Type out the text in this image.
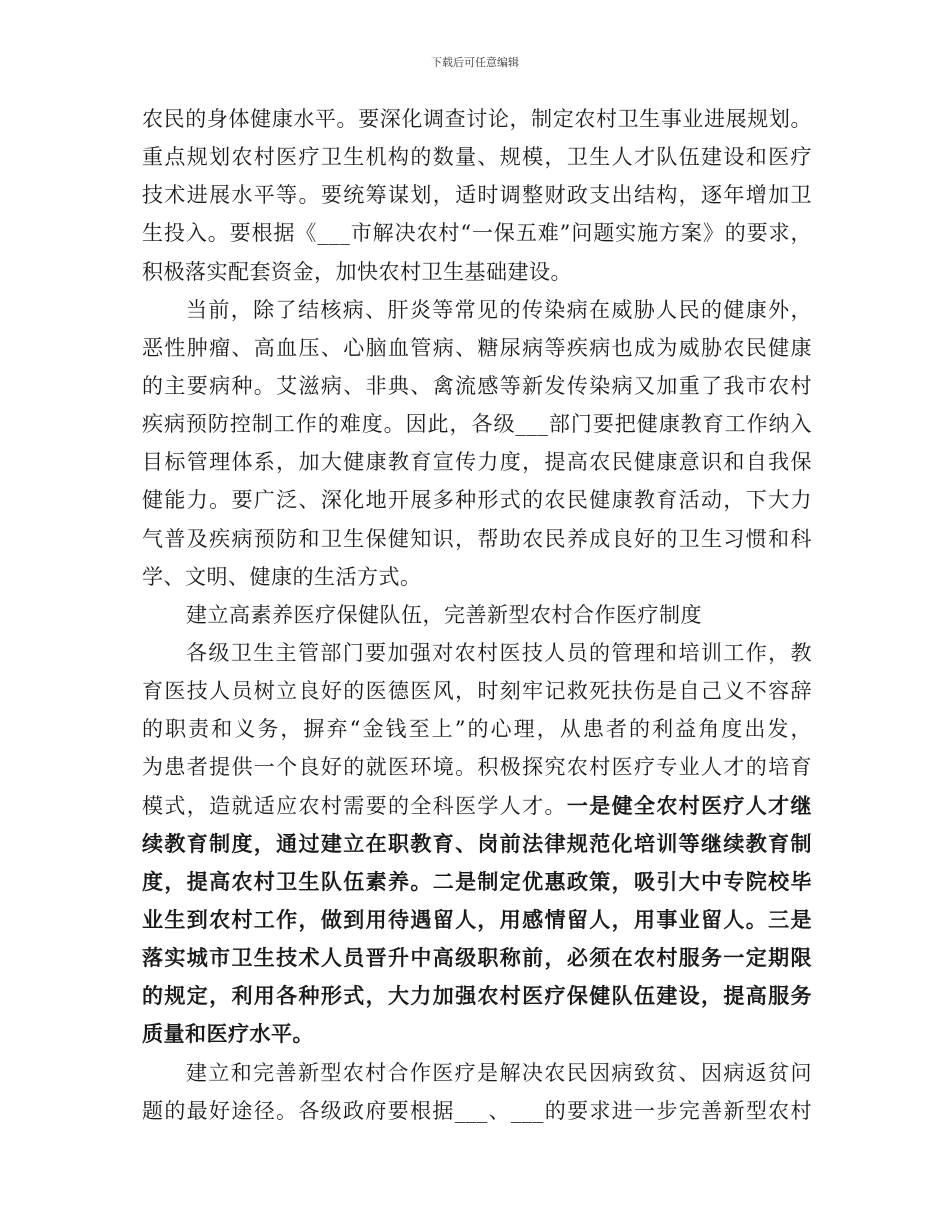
下载后可任意编辑
农民的身体健康水平。要深化调查讨论，制定农村卫生事业进展规划。
重点规划农村医疗卫生机构的数量、规模，卫生人才队伍建设和医疗
技术进展水平等。要统筹谋划，适时调整财政支出结构，逐年增加卫
生投入。要根据《___市解决农村“一保五难”问题实施方案》的要求，
积极落实配套资金，加快农村卫生基础建设。
当前，除了结核病、肝炎等常见的传染病在威胁人民的健康外，
恶性肿瘤、高血压、心脑血管病、糖尿病等疾病也成为威胁农民健康
的主要病种。艾滋病、非典、禽流感等新发传染病又加重了我市农村
疾病预防控制工作的难度。因此，各级___部门要把健康教育工作纳入
目标管理体系，加大健康教育宣传力度，提高农民健康意识和自我保
健能力。要广泛、深化地开展多种形式的农民健康教育活动，下大力
气普及疾病预防和卫生保健知识，帮助农民养成良好的卫生习惯和科
学、文明、健康的生活方式。
建立高素养医疗保健队伍，完善新型农村合作医疗制度
各级卫生主管部门要加强对农村医技人员的管理和培训工作，教
育医技人员树立良好的医德医风，时刻牢记救死扶伤是自己义不容辞
的职责和义务，摒弃“金钱至上”的心理，从患者的利益角度出发，
为患者提供一个良好的就医环境。积极探究农村医疗专业人才的培育
模式，造就适应农村需要的全科医学人才。一是健全农村医疗人才继
续教育制度，通过建立在职教育、岗前法律规范化培训等继续教育制
度，提高农村卫生队伍素养。二是制定优惠政策，吸引大中专院校毕
业生到农村工作，做到用待遇留人，用感情留人，用事业留人。三是
落实城市卫生技术人员晋升中高级职称前，必须在农村服务一定期限
的规定，利用各种形式，大力加强农村医疗保健队伍建设，提高服务
质量和医疗水平。
建立和完善新型农村合作医疗是解决农民因病致贫、因病返贫问
题的最好途径。各级政府要根据___、___的要求进一步完善新型农村
